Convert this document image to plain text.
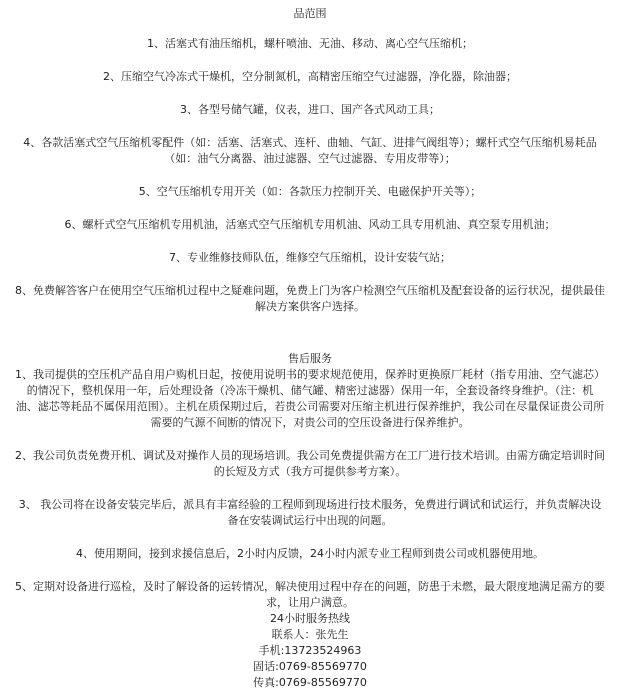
品范围

1、活塞式有油压缩机，螺杆喷油、无油、移动、离心空气压缩机；

2、压缩空气冷冻式干燥机，空分制氮机，高精密压缩空气过滤器，净化器，除油器；

3、各型号储气罐，仪表，进口、国产各式风动工具；

4、各款活塞式空气压缩机零配件（如：活塞、活塞式、连杆、曲轴、气缸、进排气阀组等）；螺杆式空气压缩机易耗品
（如：油气分离器、油过滤器、空气过滤器、专用皮带等）；

5、空气压缩机专用开关（如：各款压力控制开关、电磁保护开关等）；

6、螺杆式空气压缩机专用机油，活塞式空气压缩机专用机油、风动工具专用机油、真空泵专用机油；

7、专业维修技师队伍，维修空气压缩机，设计安装气站；

8、免费解答客户在使用空气压缩机过程中之疑难问题，免费上门为客户检测空气压缩机及配套设备的运行状况，提供最佳
解决方案供客户选择。

售后服务

1、我司提供的空压机产品自用户购机日起，按使用说明书的要求规范使用，保养时更换原厂耗材（指专用油、空气滤芯）
的情况下，整机保用一年，后处理设备（冷冻干燥机、储气罐、精密过滤器）保用一年，全套设备终身维护。（注：机
油、滤芯等耗品不属保用范围）。主机在质保期过后，若贵公司需要对压缩主机进行保养维护，我公司在尽量保证贵公司所
需要的气源不间断的情况下，对贵公司的空压设备进行保养维护。

2、我公司负责免费开机、调试及对操作人员的现场培训。我公司免费提供需方在工厂进行技术培训。由需方确定培训时间
的长短及方式（我方可提供参考方案）。

3、 我公司将在设备安装完毕后，派具有丰富经验的工程师到现场进行技术服务，免费进行调试和试运行，并负责解决设
备在安装调试运行中出现的问题。

4、使用期间，接到求援信息后，2小时内反馈，24小时内派专业工程师到贵公司或机器使用地。

5、定期对设备进行巡检，及时了解设备的运转情况，解决使用过程中存在的问题，防患于未燃，最大限度地满足需方的要
求，让用户满意。

24小时服务热线

联系人：张先生

手机:13723524963

固话:0769-85569770

传真:0769-85569770
